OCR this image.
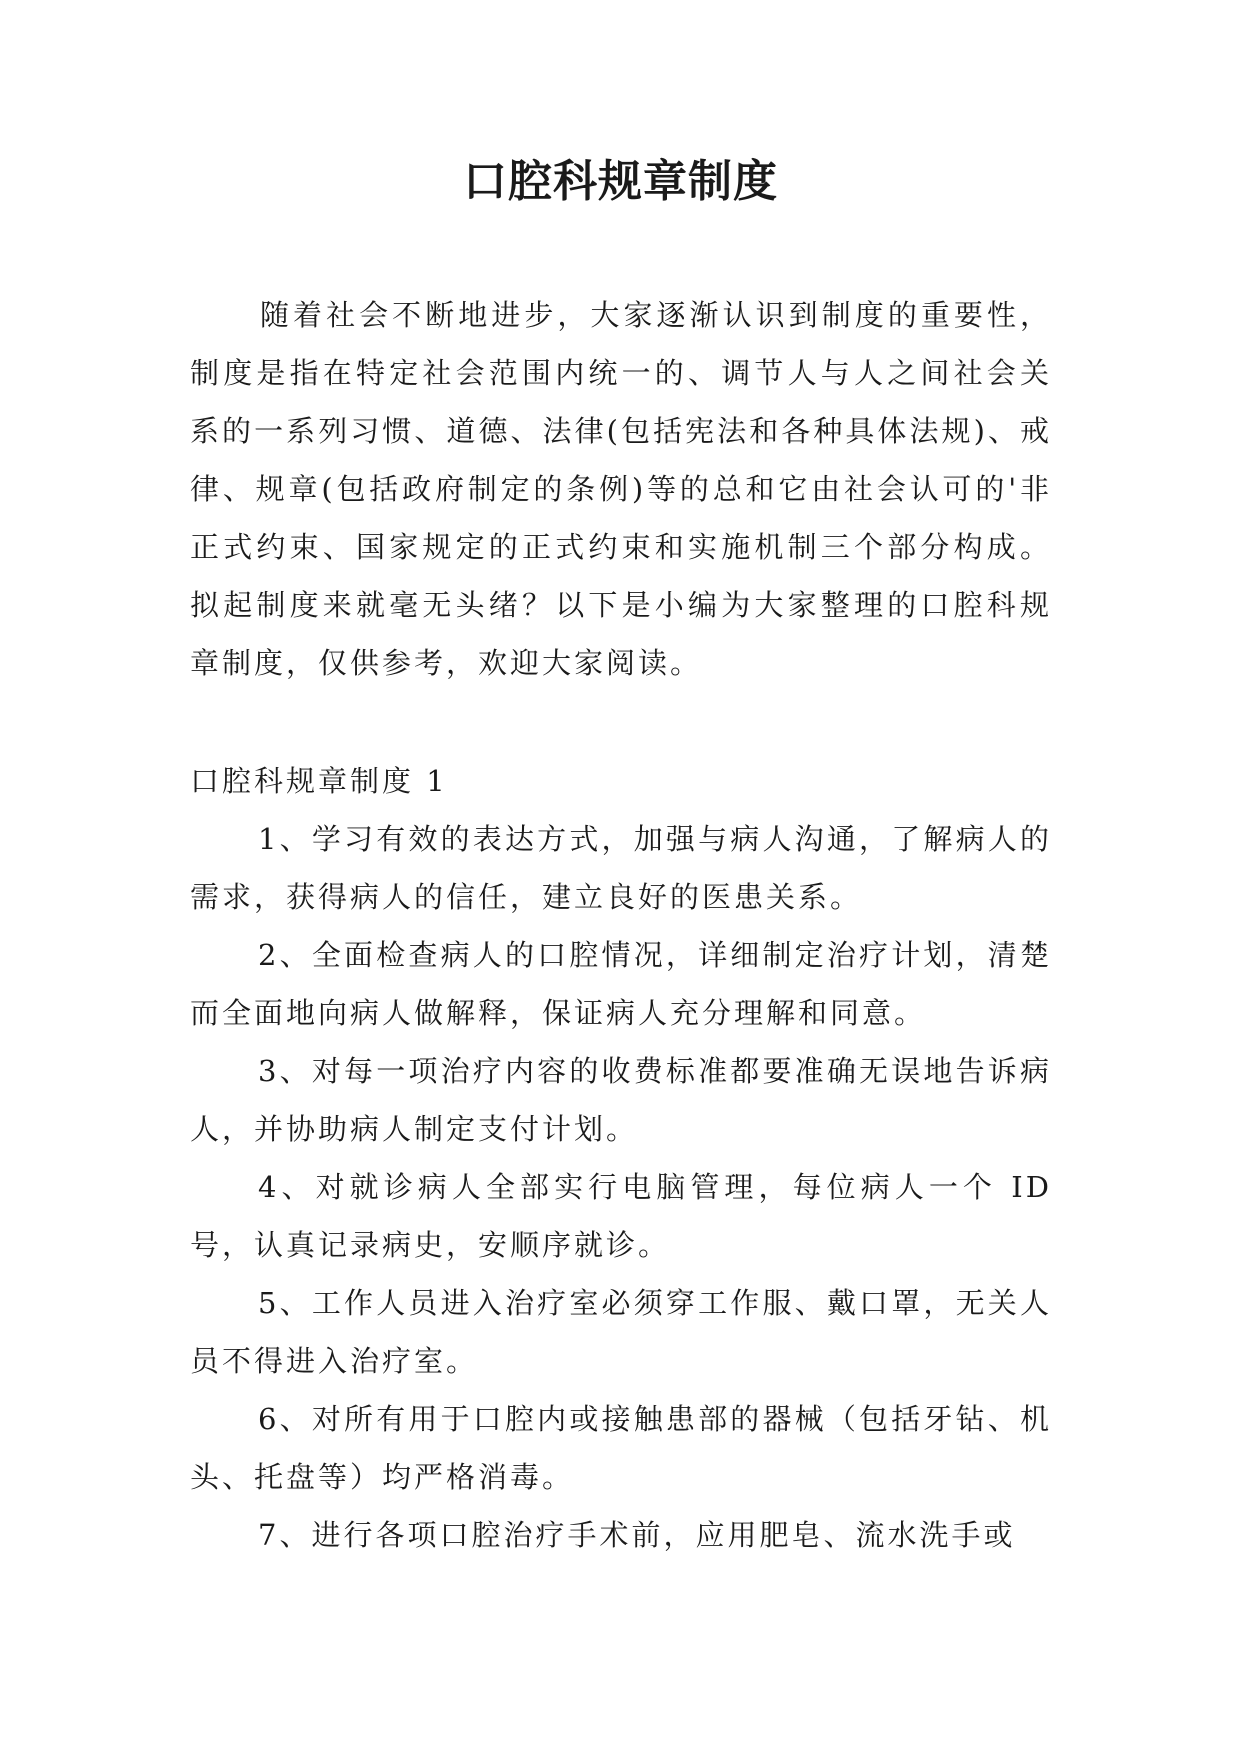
口腔科规章制度

随着社会不断地进步，大家逐渐认识到制度的重要性，制度是指在特定社会范围内统一的、调节人与人之间社会关系的一系列习惯、道德、法律(包括宪法和各种具体法规)、戒律、规章(包括政府制定的条例)等的总和它由社会认可的'非正式约束、国家规定的正式约束和实施机制三个部分构成。拟起制度来就毫无头绪？以下是小编为大家整理的口腔科规章制度，仅供参考，欢迎大家阅读。

口腔科规章制度 1

1、学习有效的表达方式，加强与病人沟通，了解病人的需求，获得病人的信任，建立良好的医患关系。

2、全面检查病人的口腔情况，详细制定治疗计划，清楚而全面地向病人做解释，保证病人充分理解和同意。

3、对每一项治疗内容的收费标准都要准确无误地告诉病人，并协助病人制定支付计划。

4、对就诊病人全部实行电脑管理，每位病人一个 ID 号，认真记录病史，安顺序就诊。

5、工作人员进入治疗室必须穿工作服、戴口罩，无关人员不得进入治疗室。

6、对所有用于口腔内或接触患部的器械（包括牙钻、机头、托盘等）均严格消毒。

7、进行各项口腔治疗手术前，应用肥皂、流水洗手或
